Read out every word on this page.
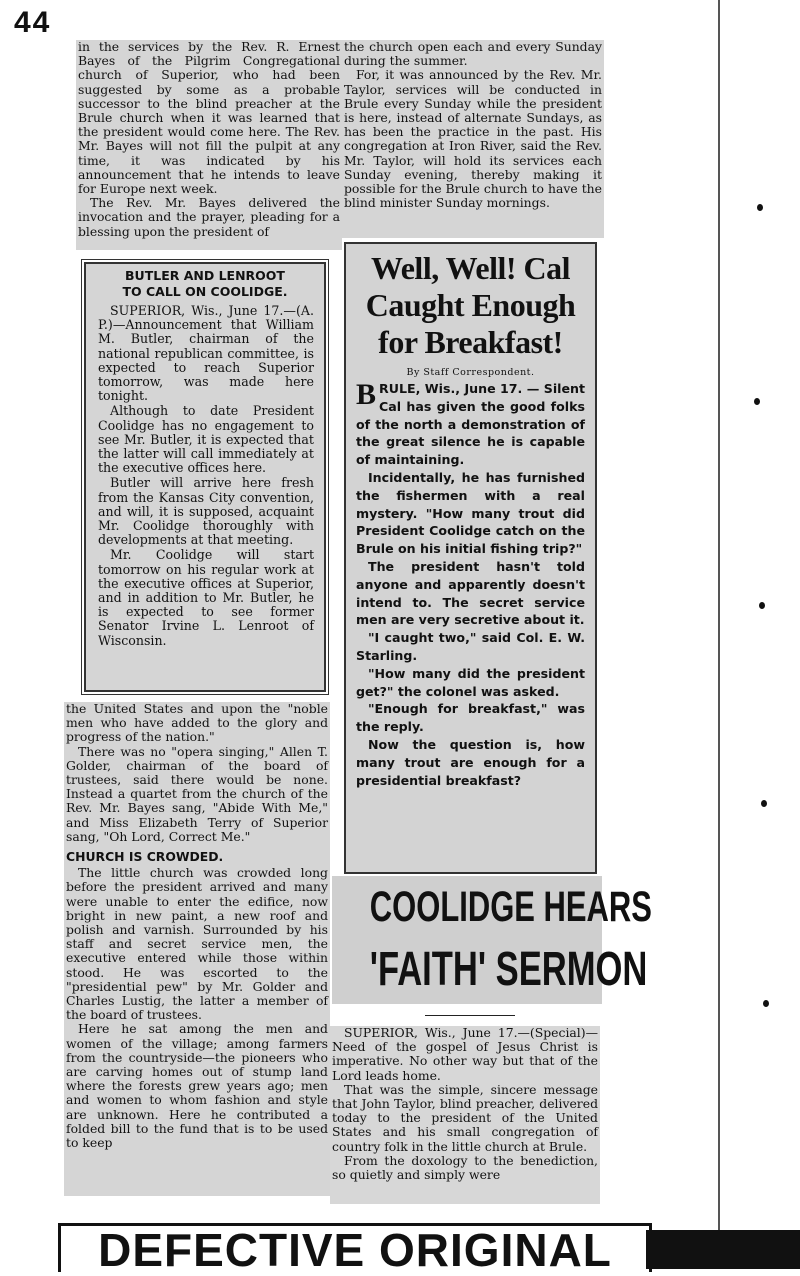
44

in the services by the Rev. R. Ernest Bayes of the Pilgrim Congregational church of Superior, who had been suggested by some as a probable successor to the blind preacher at the Brule church when it was learned that the president would come here. The Rev. Mr. Bayes will not fill the pulpit at any time, it was indicated by his announcement that he intends to leave for Europe next week.

The Rev. Mr. Bayes delivered the invocation and the prayer, pleading for a blessing upon the president of

the church open each and every Sunday during the summer.

For, it was announced by the Rev. Mr. Taylor, services will be conducted in Brule every Sunday while the president is here, instead of alternate Sundays, as has been the practice in the past. His congregation at Iron River, said the Rev. Mr. Taylor, will hold its services each Sunday evening, thereby making it possible for the Brule church to have the blind minister Sunday mornings.

BUTLER AND LENROOT
TO CALL ON COOLIDGE.

SUPERIOR, Wis., June 17.—(A. P.)—Announcement that William M. Butler, chairman of the national republican committee, is expected to reach Superior tomorrow, was made here tonight.

Although to date President Coolidge has no engagement to see Mr. Butler, it is expected that the latter will call immediately at the executive offices here.

Butler will arrive here fresh from the Kansas City convention, and will, it is supposed, acquaint Mr. Coolidge thoroughly with developments at that meeting.

Mr. Coolidge will start tomorrow on his regular work at the executive offices at Superior, and in addition to Mr. Butler, he is expected to see former Senator Irvine L. Lenroot of Wisconsin.

the United States and upon the "noble men who have added to the glory and progress of the nation."

There was no "opera singing," Allen T. Golder, chairman of the board of trustees, said there would be none. Instead a quartet from the church of the Rev. Mr. Bayes sang, "Abide With Me," and Miss Elizabeth Terry of Superior sang, "Oh Lord, Correct Me."

CHURCH IS CROWDED.

The little church was crowded long before the president arrived and many were unable to enter the edifice, now bright in new paint, a new roof and polish and varnish. Surrounded by his staff and secret service men, the executive entered while those within stood. He was escorted to the "presidential pew" by Mr. Golder and Charles Lustig, the latter a member of the board of trustees.

Here he sat among the men and women of the village; among farmers from the countryside—the pioneers who are carving homes out of stump land where the forests grew years ago; men and women to whom fashion and style are unknown. Here he contributed a folded bill to the fund that is to be used to keep

Well, Well! Cal
Caught Enough
for Breakfast!
By Staff Correspondent.

BRULE, Wis., June 17. — Silent Cal has given the good folks of the north a demonstration of the great silence he is capable of maintaining.

Incidentally, he has furnished the fishermen with a real mystery. "How many trout did President Coolidge catch on the Brule on his initial fishing trip?"

The president hasn't told anyone and apparently doesn't intend to. The secret service men are very secretive about it.

"I caught two," said Col. E. W. Starling.

"How many did the president get?" the colonel was asked.

"Enough for breakfast," was the reply.

Now the question is, how many trout are enough for a presidential breakfast?

COOLIDGE HEARS
'FAITH' SERMON

SUPERIOR, Wis., June 17.—(Special)—Need of the gospel of Jesus Christ is imperative. No other way but that of the Lord leads home.

That was the simple, sincere message that John Taylor, blind preacher, delivered today to the president of the United States and his small congregation of country folk in the little church at Brule.

From the doxology to the benediction, so quietly and simply were

DEFECTIVE ORIGINAL
